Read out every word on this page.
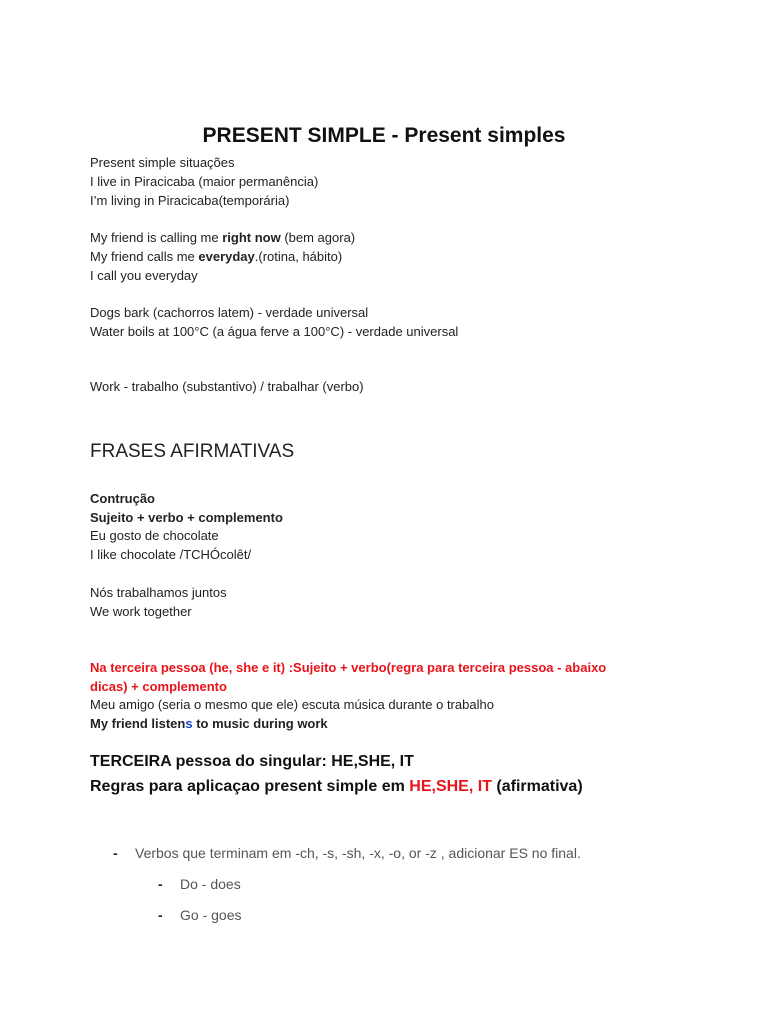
PRESENT SIMPLE - Present simples
Present simple situações
I live in Piracicaba (maior permanência)
I’m living in Piracicaba(temporária)
My friend is calling me right now (bem agora)
My friend calls me everyday.(rotina, hábito)
I call you everyday
Dogs bark (cachorros latem) - verdade universal
Water boils at 100°C (a água ferve a 100°C) - verdade universal
Work - trabalho (substantivo) / trabalhar (verbo)
FRASES AFIRMATIVAS
Contrução
Sujeito + verbo + complemento
Eu gosto de chocolate
I like chocolate /TCHÓcolêt/
Nós trabalhamos juntos
We work together
Na terceira pessoa (he, she e it) :Sujeito + verbo(regra para terceira pessoa - abaixo
dicas) + complemento
Meu amigo (seria o mesmo que ele) escuta música durante o trabalho
My friend listens to music during work
TERCEIRA pessoa do singular: HE,SHE, IT
Regras para aplicaçao present simple em HE,SHE, IT (afirmativa)
- Verbos que terminam em -ch, -s, -sh, -x, -o, or -z , adicionar ES no final.
- Do - does
- Go - goes
